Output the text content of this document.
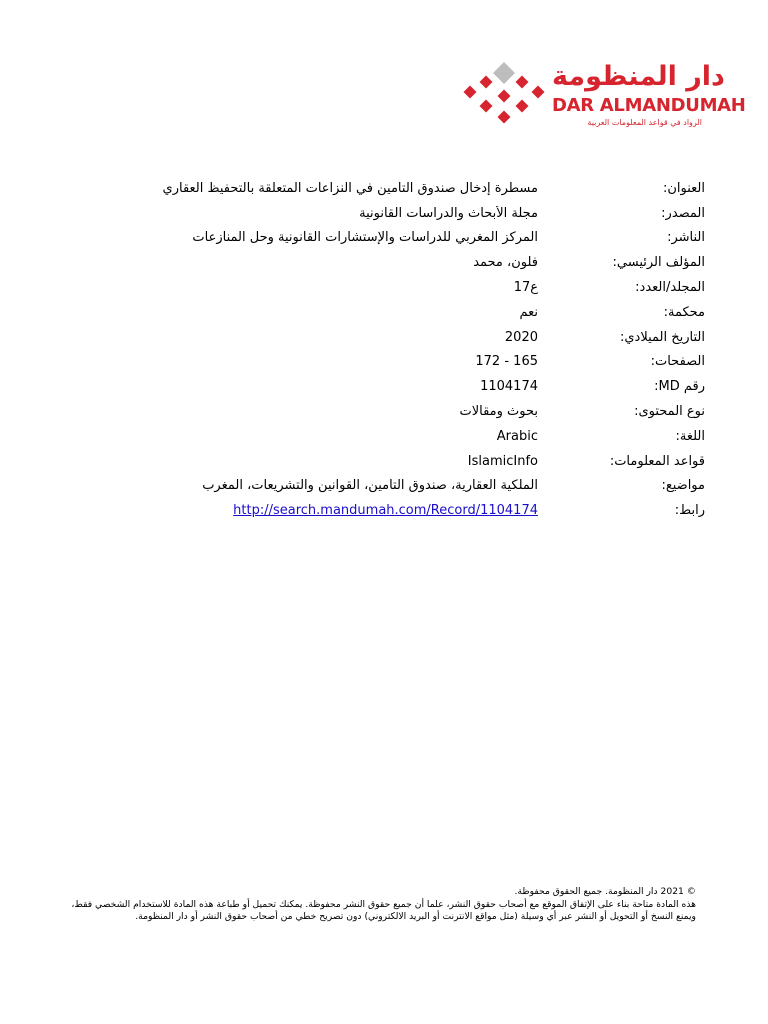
دار المنظومة
DAR ALMANDUMAH
الرواد في قواعد المعلومات العربية
العنوان:
مسطرة إدخال صندوق التأمين في النزاعات المتعلقة بالتحفيظ العقاري
المصدر:
مجلة الأبحاث والدراسات القانونية
الناشر:
المركز المغربي للدراسات والإستشارات القانونية وحل المنازعات
المؤلف الرئيسي:
فلون، محمد
المجلد/العدد:
ع17
محكمة:
نعم
التاريخ الميلادي:
2020
الصفحات:
165 - 172
رقم MD:
1104174
نوع المحتوى:
بحوث ومقالات
اللغة:
Arabic
قواعد المعلومات:
IslamicInfo
مواضيع:
الملكية العقارية، صندوق التأمين، القوانين والتشريعات، المغرب
رابط:
http://search.mandumah.com/Record/1104174

© 2021 دار المنظومة. جميع الحقوق محفوظة.

هذه المادة متاحة بناء على الإتفاق الموقع مع أصحاب حقوق النشر، علما أن جميع حقوق النشر محفوظة. يمكنك تحميل أو طباعة هذه المادة للاستخدام الشخصي فقط، ويمنع النسخ أو التحويل أو النشر عبر أي وسيلة (مثل مواقع الانترنت أو البريد الالكتروني) دون تصريح خطي من أصحاب حقوق النشر أو دار المنظومة.
